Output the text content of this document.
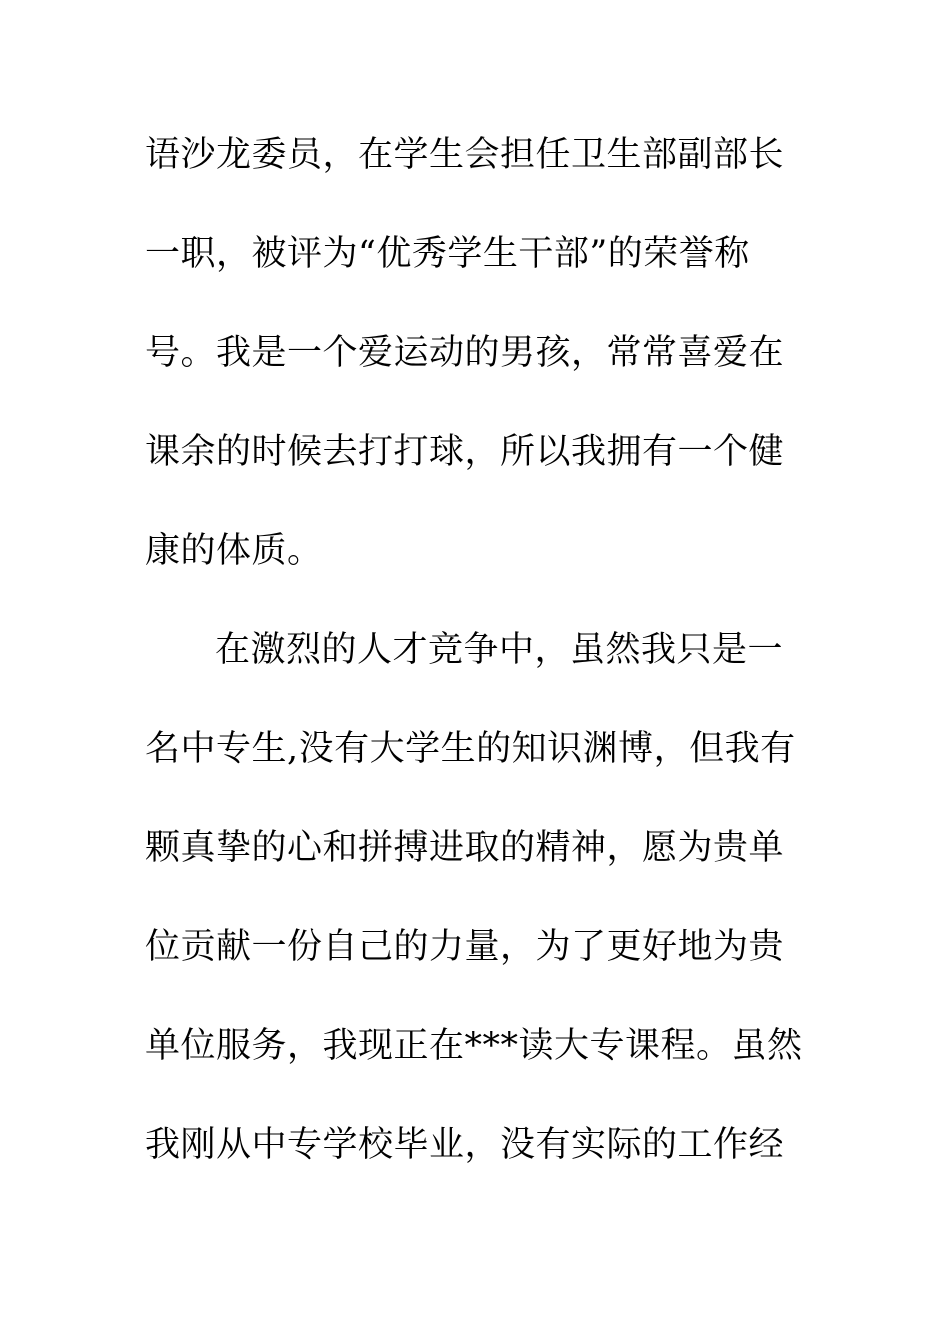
语沙龙委员，在学生会担任卫生部副部长
一职，被评为“优秀学生干部”的荣誉称
号。我是一个爱运动的男孩，常常喜爱在
课余的时候去打打球，所以我拥有一个健
康的体质。
在激烈的人才竞争中，虽然我只是一
名中专生,没有大学生的知识渊博，但我有
颗真挚的心和拼搏进取的精神，愿为贵单
位贡献一份自己的力量，为了更好地为贵
单位服务，我现正在***读大专课程。虽然
我刚从中专学校毕业，没有实际的工作经
